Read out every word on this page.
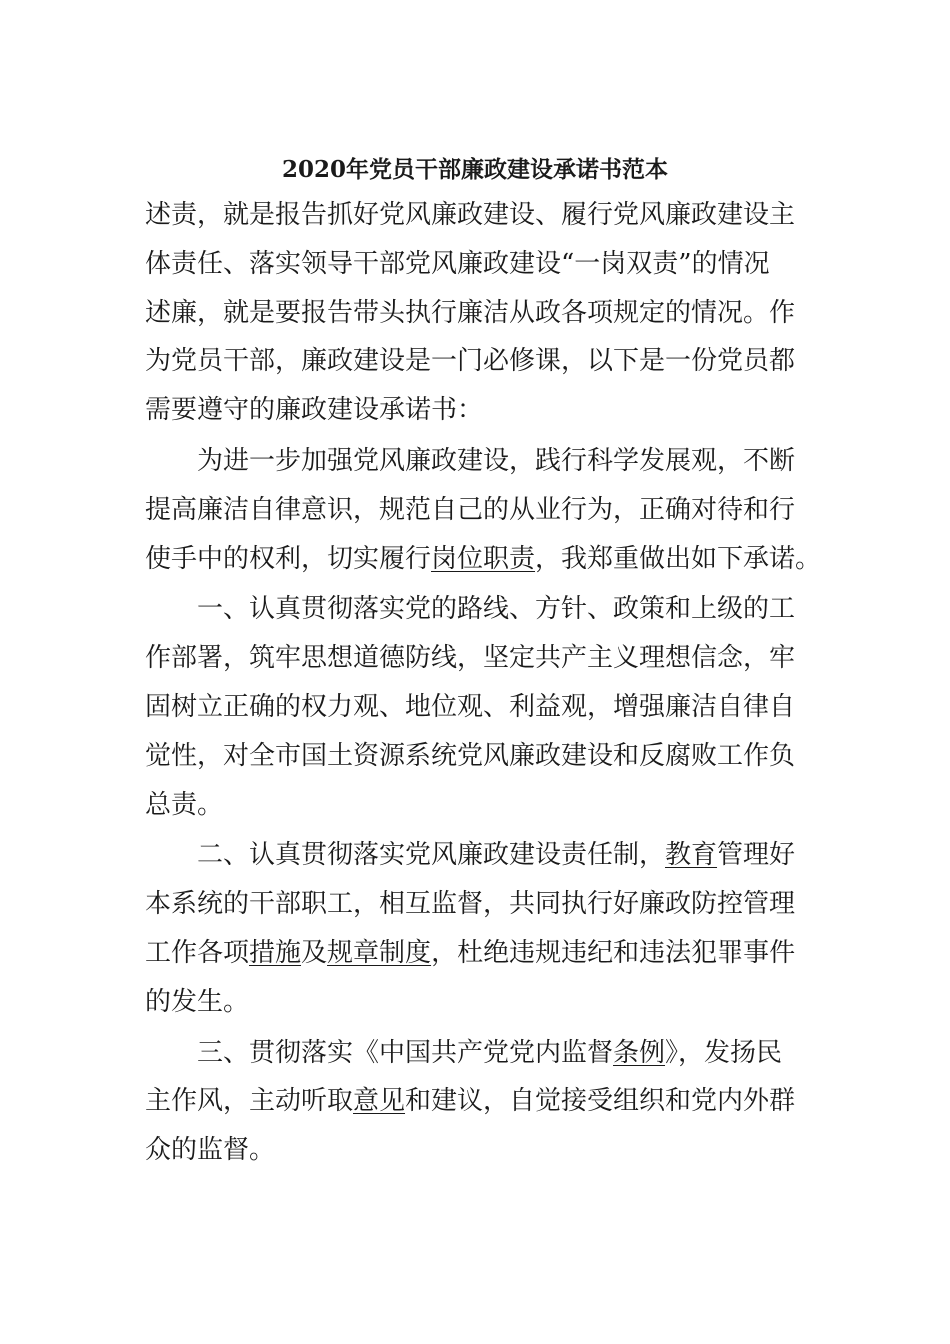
2020年党员干部廉政建设承诺书范本
述责，就是报告抓好党风廉政建设、履行党风廉政建设主
体责任、落实领导干部党风廉政建设“一岗双责”的情况
述廉，就是要报告带头执行廉洁从政各项规定的情况。作
为党员干部，廉政建设是一门必修课，以下是一份党员都
需要遵守的廉政建设承诺书：
为进一步加强党风廉政建设，践行科学发展观，不断
提高廉洁自律意识，规范自己的从业行为，正确对待和行
使手中的权利，切实履行岗位职责，我郑重做出如下承诺。
一、认真贯彻落实党的路线、方针、政策和上级的工
作部署，筑牢思想道德防线，坚定共产主义理想信念，牢
固树立正确的权力观、地位观、利益观，增强廉洁自律自
觉性，对全市国土资源系统党风廉政建设和反腐败工作负
总责。
二、认真贯彻落实党风廉政建设责任制，教育管理好
本系统的干部职工，相互监督，共同执行好廉政防控管理
工作各项措施及规章制度，杜绝违规违纪和违法犯罪事件
的发生。
三、贯彻落实《中国共产党党内监督条例》，发扬民
主作风，主动听取意见和建议，自觉接受组织和党内外群
众的监督。
